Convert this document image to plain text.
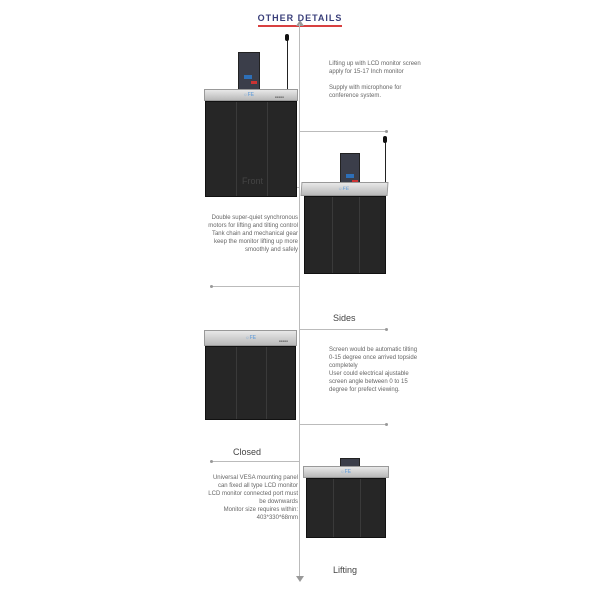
OTHER DETAILS
☼FE	■■■■■

Lifting up with LCD monitor screen

apply for 15-17 Inch monitor

Supply with microphone for

conference system.

Front
☼FE

Double super-quiet synchronous

motors for lifting and tilting control

Tank chain and mechanical gear

keep the monitor lifting up more

smoothly and safely

Sides
☼FE	■■■■■

Screen would be automatic tilting

0-15 degree once arrived topside

completely

User could electrical ajustable

screen angle between 0 to 15

degree for prefect viewing.

Closed
☼FE

Universal VESA mounting panel

can fixed all type LCD monitor

LCD monitor connected port must

be downwards

Monitor size requires within:

403*330*68mm

Lifting
